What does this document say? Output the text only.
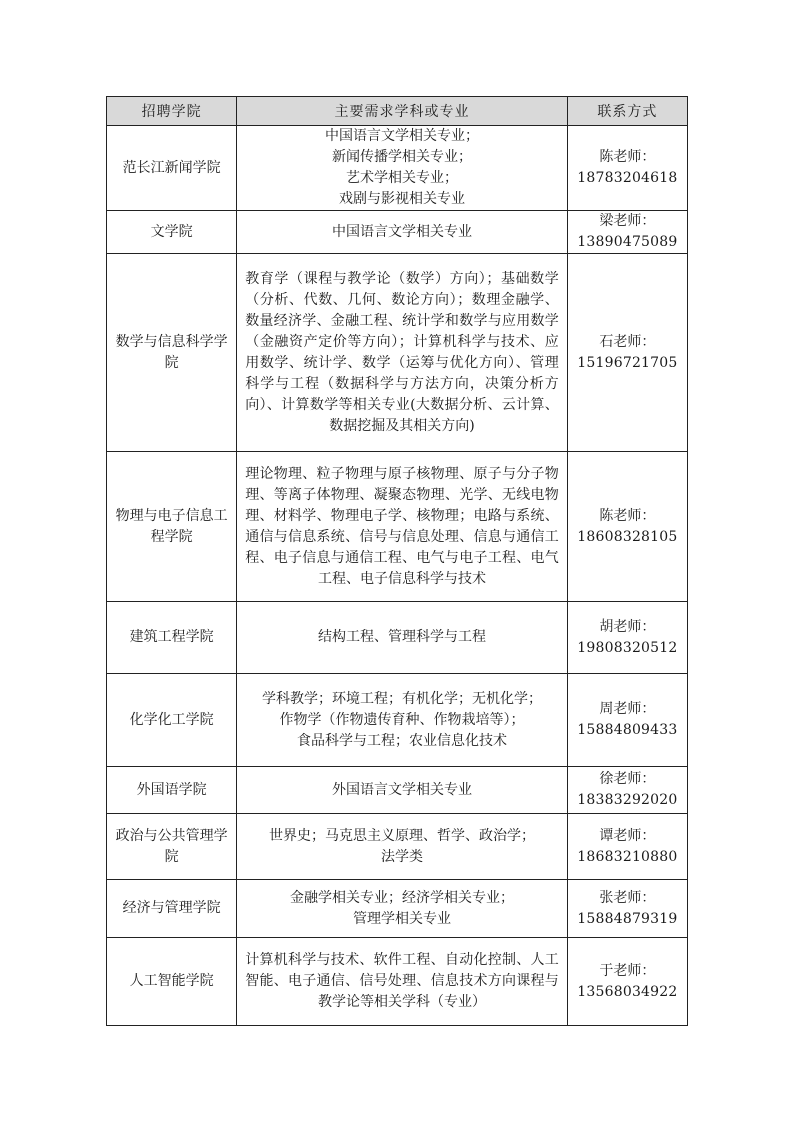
招聘学院	主要需求学科或专业	联系方式
范长江新闻学院	中国语言文学相关专业；
新闻传播学相关专业；
艺术学相关专业；
戏剧与影视相关专业	陈老师：
18783204618

文学院	中国语言文学相关专业	梁老师：
13890475089

数学与信息科学学院	教育学（课程与教学论（数学）方向）；基础数学（分析、代数、几何、数论方向）；数理金融学、数量经济学、金融工程、统计学和数学与应用数学（金融资产定价等方向）；计算机科学与技术、应用数学、统计学、数学（运筹与优化方向）、管理科学与工程（数据科学与方法方向，决策分析方向）、计算数学等相关专业(大数据分析、云计算、数据挖掘及其相关方向)	石老师：
15196721705

物理与电子信息工程学院	理论物理、粒子物理与原子核物理、原子与分子物理、等离子体物理、凝聚态物理、光学、无线电物理、材料学、物理电子学、核物理；电路与系统、通信与信息系统、信号与信息处理、信息与通信工程、电子信息与通信工程、电气与电子工程、电气工程、电子信息科学与技术	陈老师：
18608328105

建筑工程学院	结构工程、管理科学与工程	胡老师：
19808320512

化学化工学院	学科教学；环境工程；有机化学；无机化学；
作物学（作物遗传育种、作物栽培等）；
食品科学与工程；农业信息化技术	周老师：
15884809433

外国语学院	外国语言文学相关专业	徐老师：
18383292020

政治与公共管理学院	世界史；马克思主义原理、哲学、政治学；
法学类	谭老师：
18683210880

经济与管理学院	金融学相关专业；经济学相关专业；
管理学相关专业	张老师：
15884879319

人工智能学院	计算机科学与技术、软件工程、自动化控制、人工智能、电子通信、信号处理、信息技术方向课程与教学论等相关学科（专业）	于老师：
13568034922
